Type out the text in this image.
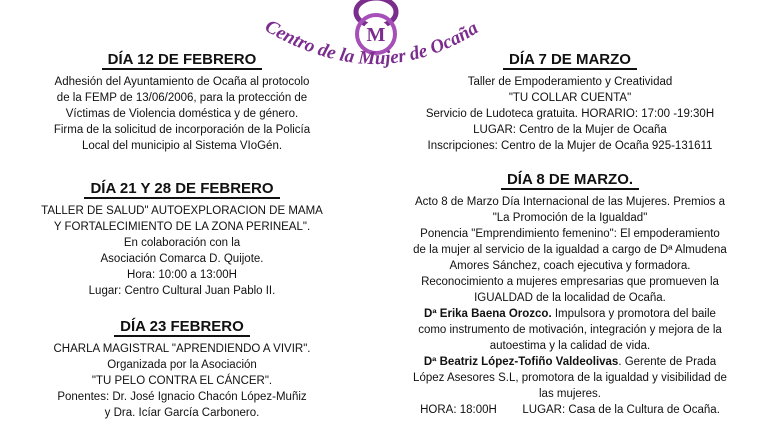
M
Centro de la Mujer de Ocaña
DÍA 12 DE FEBRERO
Adhesión del Ayuntamiento de Ocaña al protocolo
de la FEMP de 13/06/2006, para la protección de
Víctimas de Violencia doméstica y de género.
Firma de la solicitud de incorporación de la Policía
Local del municipio al Sistema VIoGén.
DÍA 21 Y 28 DE FEBRERO
TALLER DE SALUD" AUTOEXPLORACION DE MAMA
Y FORTALECIMIENTO DE LA ZONA PERINEAL".
En colaboración con la
Asociación Comarca D. Quijote.
Hora: 10:00 a 13:00H
Lugar: Centro Cultural Juan Pablo II.
DÍA 23 FEBRERO
CHARLA MAGISTRAL "APRENDIENDO A VIVIR".
Organizada por la Asociación
"TU PELO CONTRA EL CÁNCER".
Ponentes: Dr. José Ignacio Chacón López-Muñiz
y Dra. Icíar García Carbonero.
DÍA 7 DE MARZO
Taller de Empoderamiento y Creatividad
"TU COLLAR CUENTA"
Servicio de Ludoteca gratuita. HORARIO: 17:00 -19:30H
LUGAR: Centro de la Mujer de Ocaña
Inscripciones: Centro de la Mujer de Ocaña 925-131611
DÍA 8 DE MARZO.
Acto 8 de Marzo Día Internacional de las Mujeres. Premios a
"La Promoción de la Igualdad"
Ponencia "Emprendimiento femenino": El empoderamiento
de la mujer al servicio de la igualdad a cargo de Dª Almudena
Amores Sánchez, coach ejecutiva y formadora.
Reconocimiento a mujeres empresarias que promueven la
IGUALDAD de la localidad de Ocaña.
Dª Erika Baena Orozco. Impulsora y promotora del baile
como instrumento de motivación, integración y mejora de la
autoestima y la calidad de vida.
Dª Beatriz López-Tofiño Valdeolivas. Gerente de Prada
López Asesores S.L, promotora de la igualdad y visibilidad de
las mujeres.
HORA: 18:00H        LUGAR: Casa de la Cultura de Ocaña.
